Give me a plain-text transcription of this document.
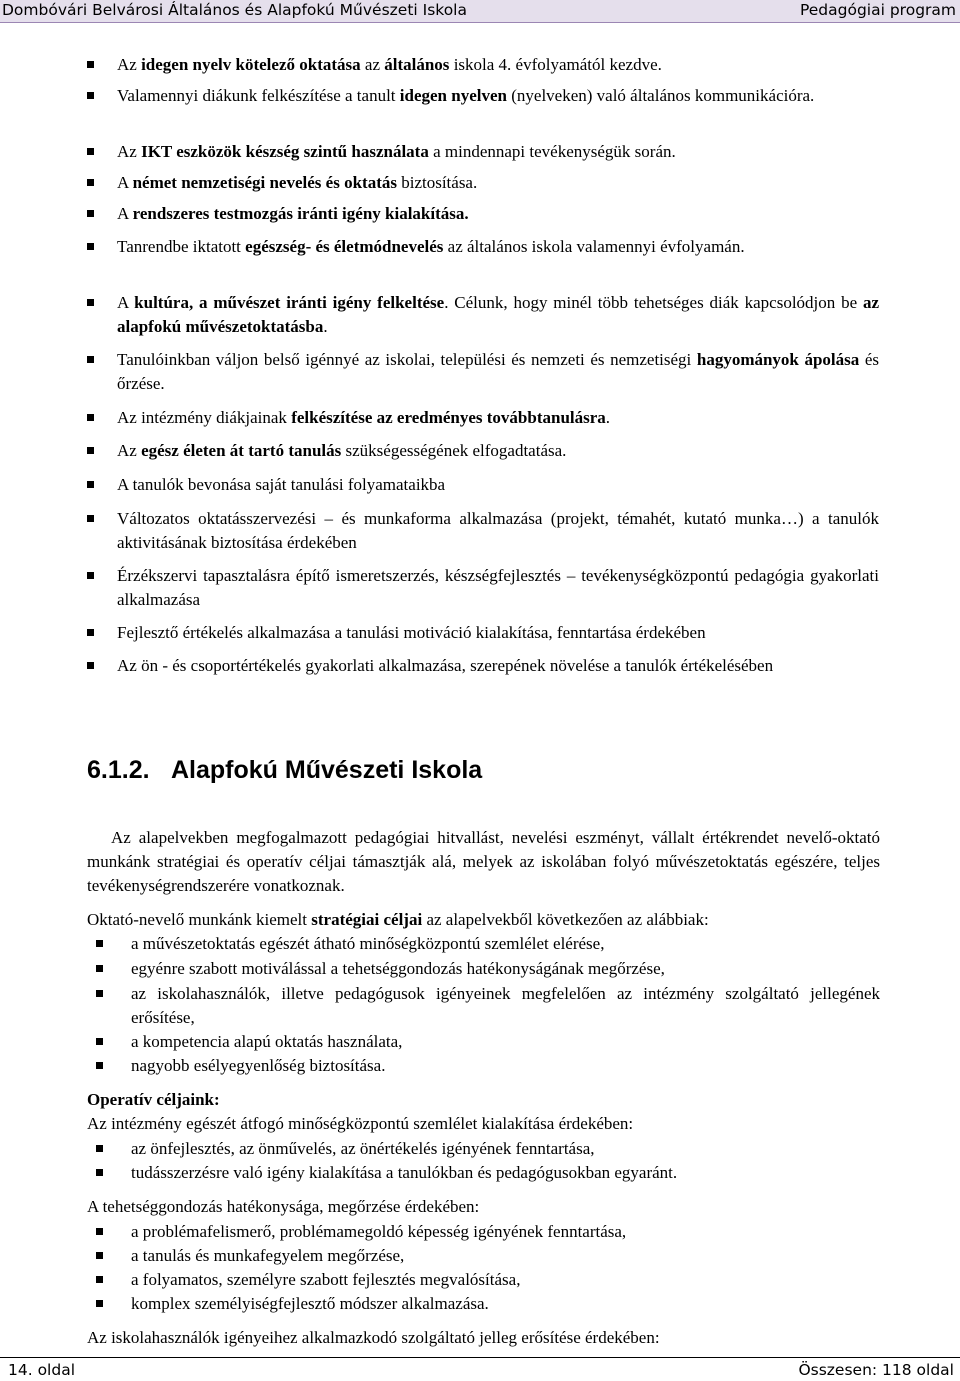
Dombóvári Belvárosi Általános és Alapfokú Művészeti Iskola	Pedagógiai program
Az idegen nyelv kötelező oktatása az általános iskola 4. évfolyamától kezdve.
Valamennyi diákunk felkészítése a tanult idegen nyelven (nyelveken) való általános kommunikációra.
Az IKT eszközök készség szintű használata a mindennapi tevékenységük során.
A német nemzetiségi nevelés és oktatás biztosítása.
A rendszeres testmozgás iránti igény kialakítása.
Tanrendbe iktatott egészség- és életmódnevelés az általános iskola valamennyi évfolyamán.
A kultúra, a művészet iránti igény felkeltése. Célunk, hogy minél több tehetséges diák kapcsolódjon be az alapfokú művészetoktatásba.
Tanulóinkban váljon belső igénnyé az iskolai, települési és nemzeti és nemzetiségi hagyományok ápolása és őrzése.
Az intézmény diákjainak felkészítése az eredményes továbbtanulásra.
Az egész életen át tartó tanulás szükségességének elfogadtatása.
A tanulók bevonása saját tanulási folyamataikba
Változatos oktatásszervezési – és munkaforma alkalmazása (projekt, témahét, kutató munka…) a tanulók aktivitásának biztosítása érdekében
Érzékszervi tapasztalásra építő ismeretszerzés, készségfejlesztés – tevékenységközpontú pedagógia gyakorlati alkalmazása
Fejlesztő értékelés alkalmazása a tanulási motiváció kialakítása, fenntartása érdekében
Az ön - és csoportértékelés gyakorlati alkalmazása, szerepének növelése a tanulók értékelésében
6.1.2. Alapfokú Művészeti Iskola
Az alapelvekben megfogalmazott pedagógiai hitvallást, nevelési eszményt, vállalt értékrendet nevelő-oktató munkánk stratégiai és operatív céljai támasztják alá, melyek az iskolában folyó művészetoktatás egészére, teljes tevékenységrendszerére vonatkoznak.
Oktató-nevelő munkánk kiemelt stratégiai céljai az alapelvekből következően az alábbiak:
a művészetoktatás egészét átható minőségközpontú szemlélet elérése,
egyénre szabott motiválással a tehetséggondozás hatékonyságának megőrzése,
az iskolahasználók, illetve pedagógusok igényeinek megfelelően az intézmény szolgáltató jellegének erősítése,
a kompetencia alapú oktatás használata,
nagyobb esélyegyenlőség biztosítása.
Operatív céljaink:
Az intézmény egészét átfogó minőségközpontú szemlélet kialakítása érdekében:
az önfejlesztés, az önművelés, az önértékelés igényének fenntartása,
tudásszerzésre való igény kialakítása a tanulókban és pedagógusokban egyaránt.
A tehetséggondozás hatékonysága, megőrzése érdekében:
a problémafelismerő, problémamegoldó képesség igényének fenntartása,
a tanulás és munkafegyelem megőrzése,
a folyamatos, személyre szabott fejlesztés megvalósítása,
komplex személyiségfejlesztő módszer alkalmazása.
Az iskolahasználók igényeihez alkalmazkodó szolgáltató jelleg erősítése érdekében:
14. oldal	Összesen: 118 oldal
